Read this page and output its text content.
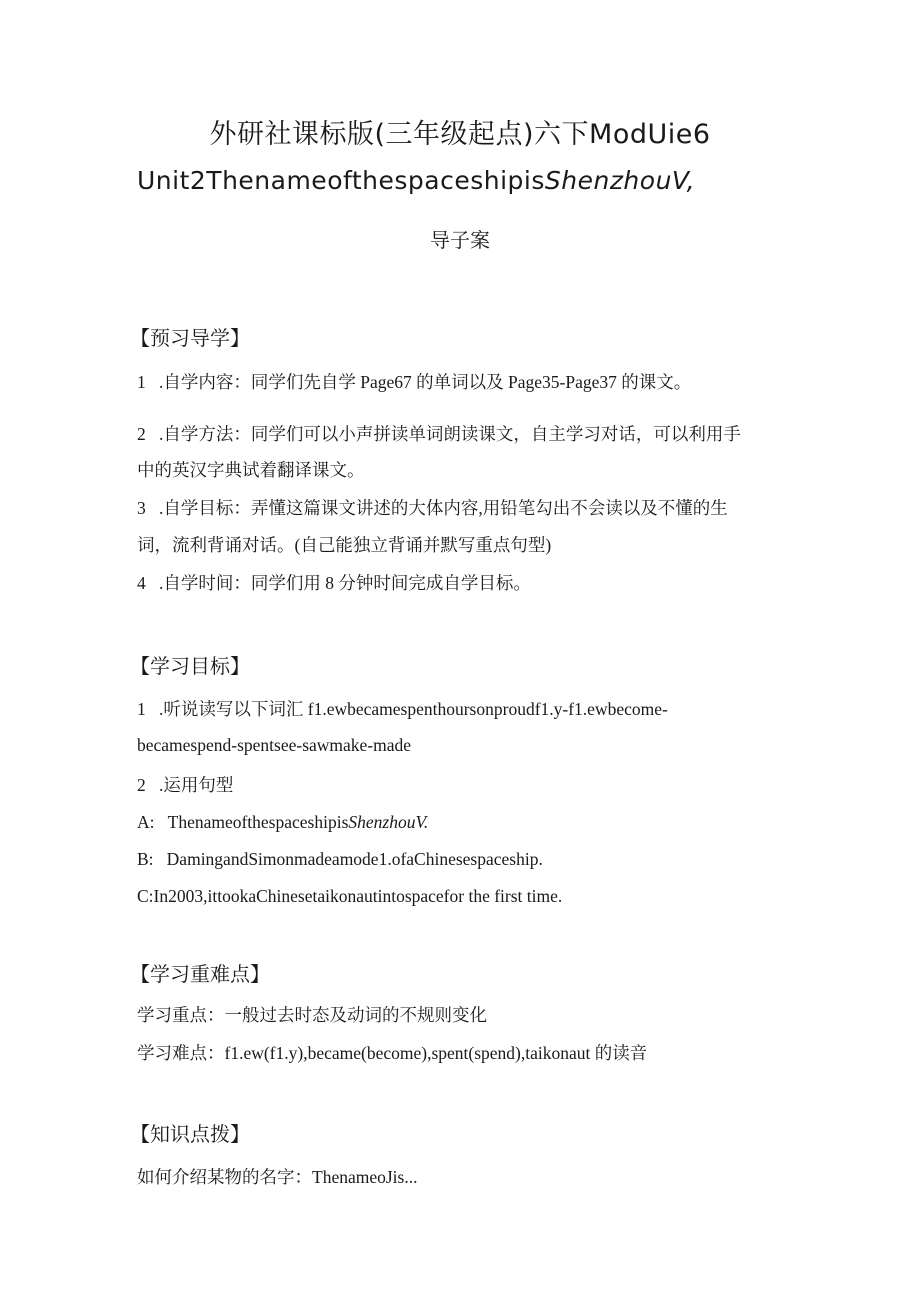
外研社课标版(三年级起点)六下ModUie6
Unit2ThenameofthespaceshipisShenzhouV,
导子案
【预习导学】
1 .自学内容：同学们先自学 Page67 的单词以及 Page35-Page37 的课文。
2 .自学方法：同学们可以小声拼读单词朗读课文，自主学习对话，可以利用手
中的英汉字典试着翻译课文。
3 .自学目标：弄懂这篇课文讲述的大体内容,用铅笔勾出不会读以及不懂的生
词，流利背诵对话。(自己能独立背诵并默写重点句型)
4 .自学时间：同学们用 8 分钟时间完成自学目标。
【学习目标】
1 .听说读写以下词汇 f1.ewbecamespenthoursonproudf1.y-f1.ewbecome-
becamespend-spentsee-sawmake-made
2 .运用句型
A: ThenameofthespaceshipisShenzhouV.
B: DamingandSimonmadeamode1.ofaChinesespaceship.
C:In2003,ittookaChinesetaikonautintospacefor the first time.
【学习重难点】
学习重点：一般过去时态及动词的不规则变化
学习难点：f1.ew(f1.y),became(become),spent(spend),taikonaut 的读音
【知识点拨】
如何介绍某物的名字：ThenameoJis...
